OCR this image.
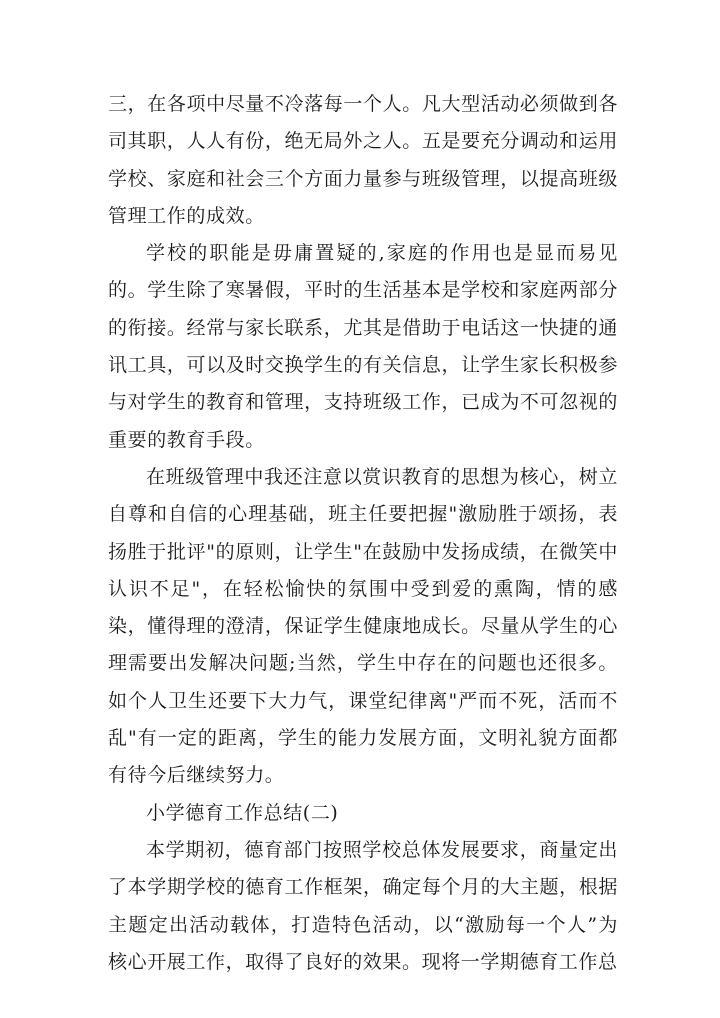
三，在各项中尽量不冷落每一个人。凡大型活动必须做到各司其职，人人有份，绝无局外之人。五是要充分调动和运用学校、家庭和社会三个方面力量参与班级管理，以提高班级管理工作的成效。

学校的职能是毋庸置疑的,家庭的作用也是显而易见的。学生除了寒暑假，平时的生活基本是学校和家庭两部分的衔接。经常与家长联系，尤其是借助于电话这一快捷的通讯工具，可以及时交换学生的有关信息，让学生家长积极参与对学生的教育和管理，支持班级工作，已成为不可忽视的重要的教育手段。

在班级管理中我还注意以赏识教育的思想为核心，树立自尊和自信的心理基础，班主任要把握"激励胜于颂扬，表扬胜于批评"的原则，让学生"在鼓励中发扬成绩，在微笑中认识不足"，在轻松愉快的氛围中受到爱的熏陶，情的感染，懂得理的澄清，保证学生健康地成长。尽量从学生的心理需要出发解决问题;当然，学生中存在的问题也还很多。如个人卫生还要下大力气，课堂纪律离"严而不死，活而不乱"有一定的距离，学生的能力发展方面，文明礼貌方面都有待今后继续努力。

小学德育工作总结(二)

本学期初，德育部门按照学校总体发展要求，商量定出了本学期学校的德育工作框架，确定每个月的大主题，根据主题定出活动载体，打造特色活动，以“激励每一个人”为核心开展工作，取得了良好的效果。现将一学期德育工作总
